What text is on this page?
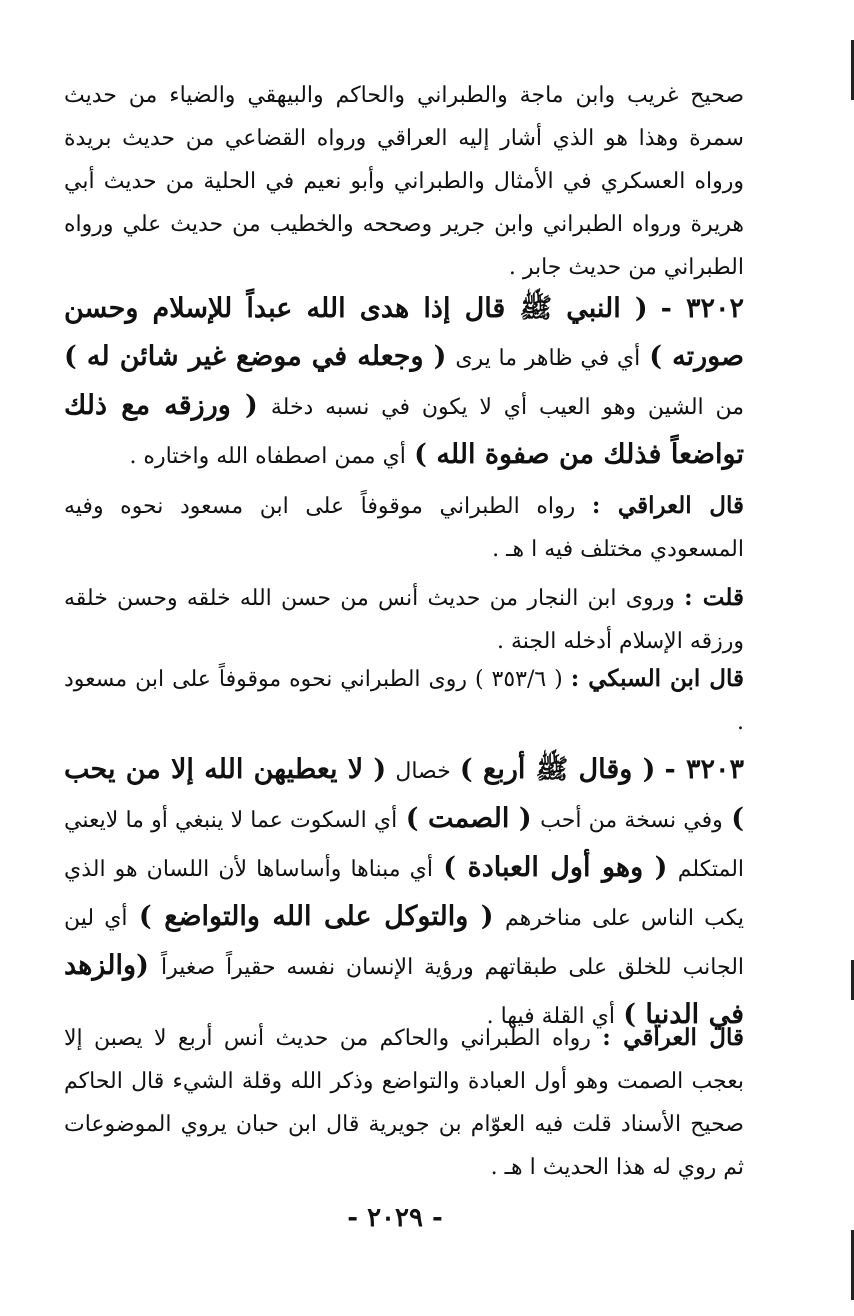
صحيح غريب وابن ماجة والطبراني والحاكم والبيهقي والضياء من حديث سمرة وهذا هو الذي أشار إليه العراقي ورواه القضاعي من حديث بريدة ورواه العسكري في الأمثال والطبراني وأبو نعيم في الحلية من حديث أبي هريرة ورواه الطبراني وابن جرير وصححه والخطيب من حديث علي ورواه الطبراني من حديث جابر .
٣٢٠٢ - ( النبي ﷺ قال إذا هدى الله عبداً للإسلام وحسن صورته ) أي في ظاهر ما يرى ( وجعله في موضع غير شائن له ) من الشين وهو العيب أي لا يكون في نسبه دخلة ( ورزقه مع ذلك تواضعاً فذلك من صفوة الله ) أي ممن اصطفاه الله واختاره .
قال العراقي : رواه الطبراني موقوفاً على ابن مسعود نحوه وفيه المسعودي مختلف فيه ا هـ .
قلت : وروى ابن النجار من حديث أنس من حسن الله خلقه وحسن خلقه ورزقه الإسلام أدخله الجنة .
قال ابن السبكي : ( ٣٥٣/٦ ) روى الطبراني نحوه موقوفاً على ابن مسعود .
٣٢٠٣ - ( وقال ﷺ أربع ) خصال ( لا يعطيهن الله إلا من يحب ) وفي نسخة من أحب ( الصمت ) أي السكوت عما لا ينبغي أو ما لايعني المتكلم ( وهو أول العبادة ) أي مبناها وأساساها لأن اللسان هو الذي يكب الناس على مناخرهم ( والتوكل على الله والتواضع ) أي لين الجانب للخلق على طبقاتهم ورؤية الإنسان نفسه حقيراً صغيراً (والزهد في الدنيا ) أي القلة فيها .
قال العراقي : رواه الطبراني والحاكم من حديث أنس أربع لا يصبن إلا بعجب الصمت وهو أول العبادة والتواضع وذكر الله وقلة الشيء قال الحاكم صحيح الأسناد قلت فيه العوّام بن جويرية قال ابن حبان يروي الموضوعات ثم روي له هذا الحديث ا هـ .
- ٢٠٢٩ -
